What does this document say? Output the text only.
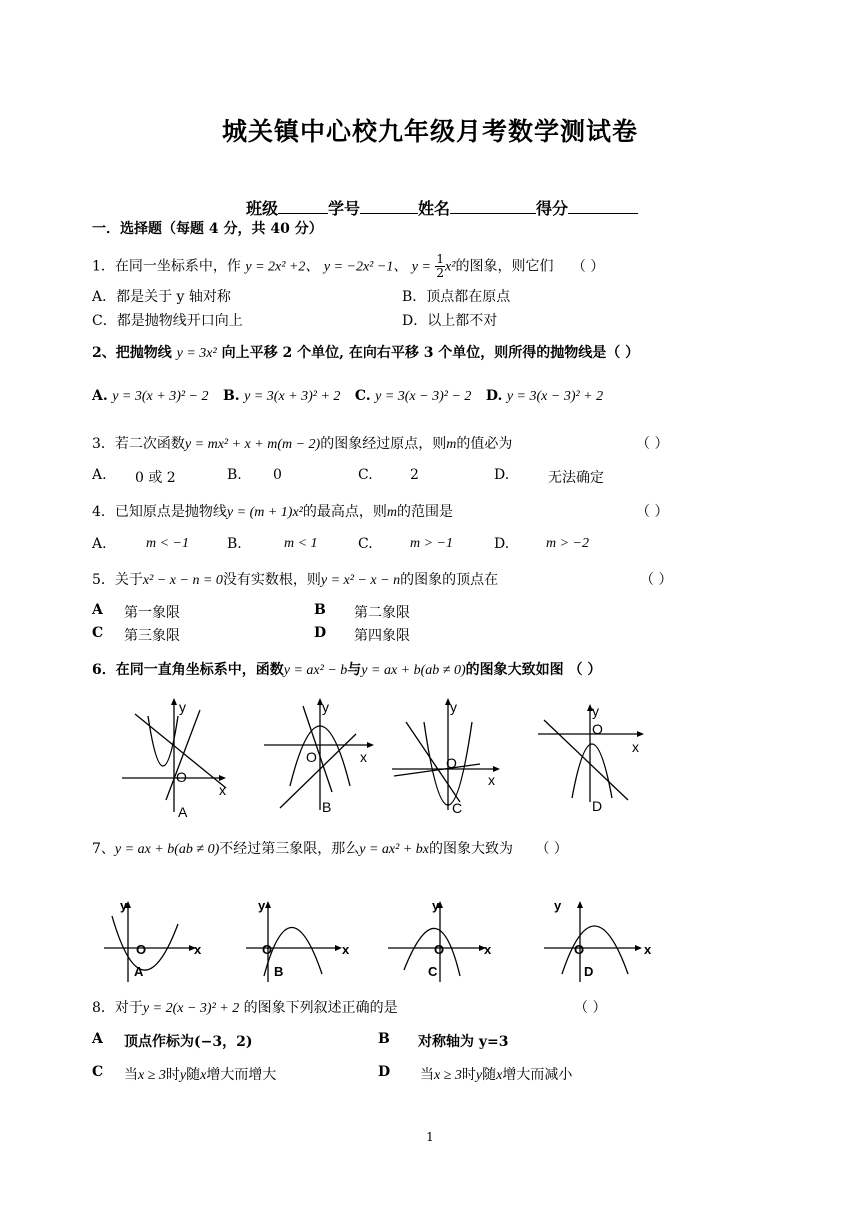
城关镇中心校九年级月考数学测试卷
班级	学号	姓名	得分
一．选择题（每题 4 分，共 40 分）
1．在同一坐标系中，作 y = 2x² +2、 y = −2x² −1、 $y = \frac{1}{2} x^2$的图象，则它们 （ ）
A．都是关于 y 轴对称	B．顶点都在原点
C．都是抛物线开口向上	D．以上都不对
2、把抛物线 y = 3x² 向上平移 2 个单位, 在向右平移 3 个单位，则所得的抛物线是（ ）
A. y = 3(x + 3)² − 2 B. y = 3(x + 3)² + 2 C. y = 3(x − 3)² − 2 D. y = 3(x − 3)² + 2
3．若二次函数y = mx² + x + m(m − 2)的图象经过原点，则m的值必为	（ ）
A. 0 或 2	B. 0	C.	2	D.	无法确定
4．已知原点是抛物线y = (m + 1)x²的最高点，则m的范围是	（ ）
A.	m < −1	B.	m < 1	C.	m > −1	D.	m > −2
5．关于x² − x − n = 0没有实数根，则y = x² − x − n的图象的顶点在	（ ）
A 第一象限	B 第二象限
C 第三象限	D 第四象限
6．在同一直角坐标系中，函数y = ax² − b与y = ax + b(ab ≠ 0)的图象大致如图 （ ）
y
x
O
A
y
x
O
B
y
x
O
C
y
x
O
D
7、y = ax + b(ab ≠ 0)不经过第三象限，那么y = ax² + bx的图象大致为 （ ）
y
x
O
A
y
x
O
B
y
x
O
C
y
x
O
D
8．对于y = 2(x − 3)² + 2 的图象下列叙述正确的是	（ ）
A 顶点作标为(−3，2)	B 对称轴为 y=3
C 当x ≥ 3时y随x增大而增大	D 当x ≥ 3时y随x增大而减小
1
